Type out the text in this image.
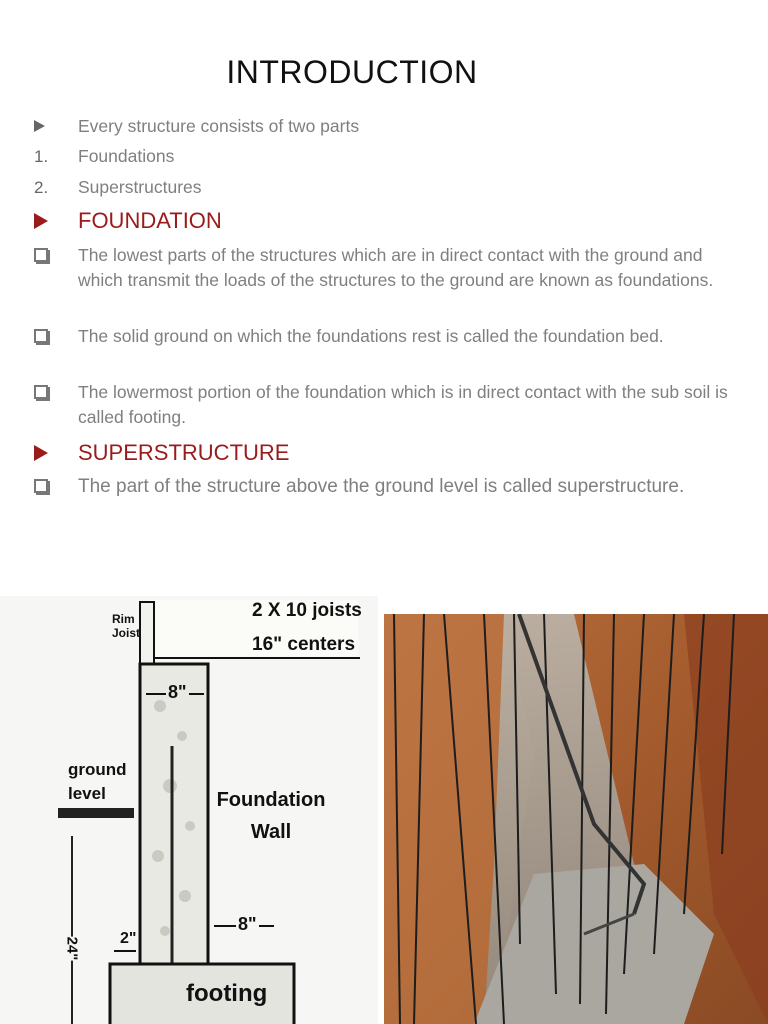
INTRODUCTION
Every structure consists of two parts
1.	Foundations
2.	Superstructures
FOUNDATION
The lowest parts of the structures which are in direct contact with the ground and which transmit the loads of the structures to the ground are known as foundations.
The solid ground on which the foundations rest is called the foundation bed.
The lowermost portion of the foundation which is in direct contact with the sub soil is called footing.
SUPERSTRUCTURE
The part of the structure above the ground level is called superstructure.
Rim Joist
2 X 10 joists
16" centers
8"
ground level	Foundation Wall
8"
2"
24"
footing
